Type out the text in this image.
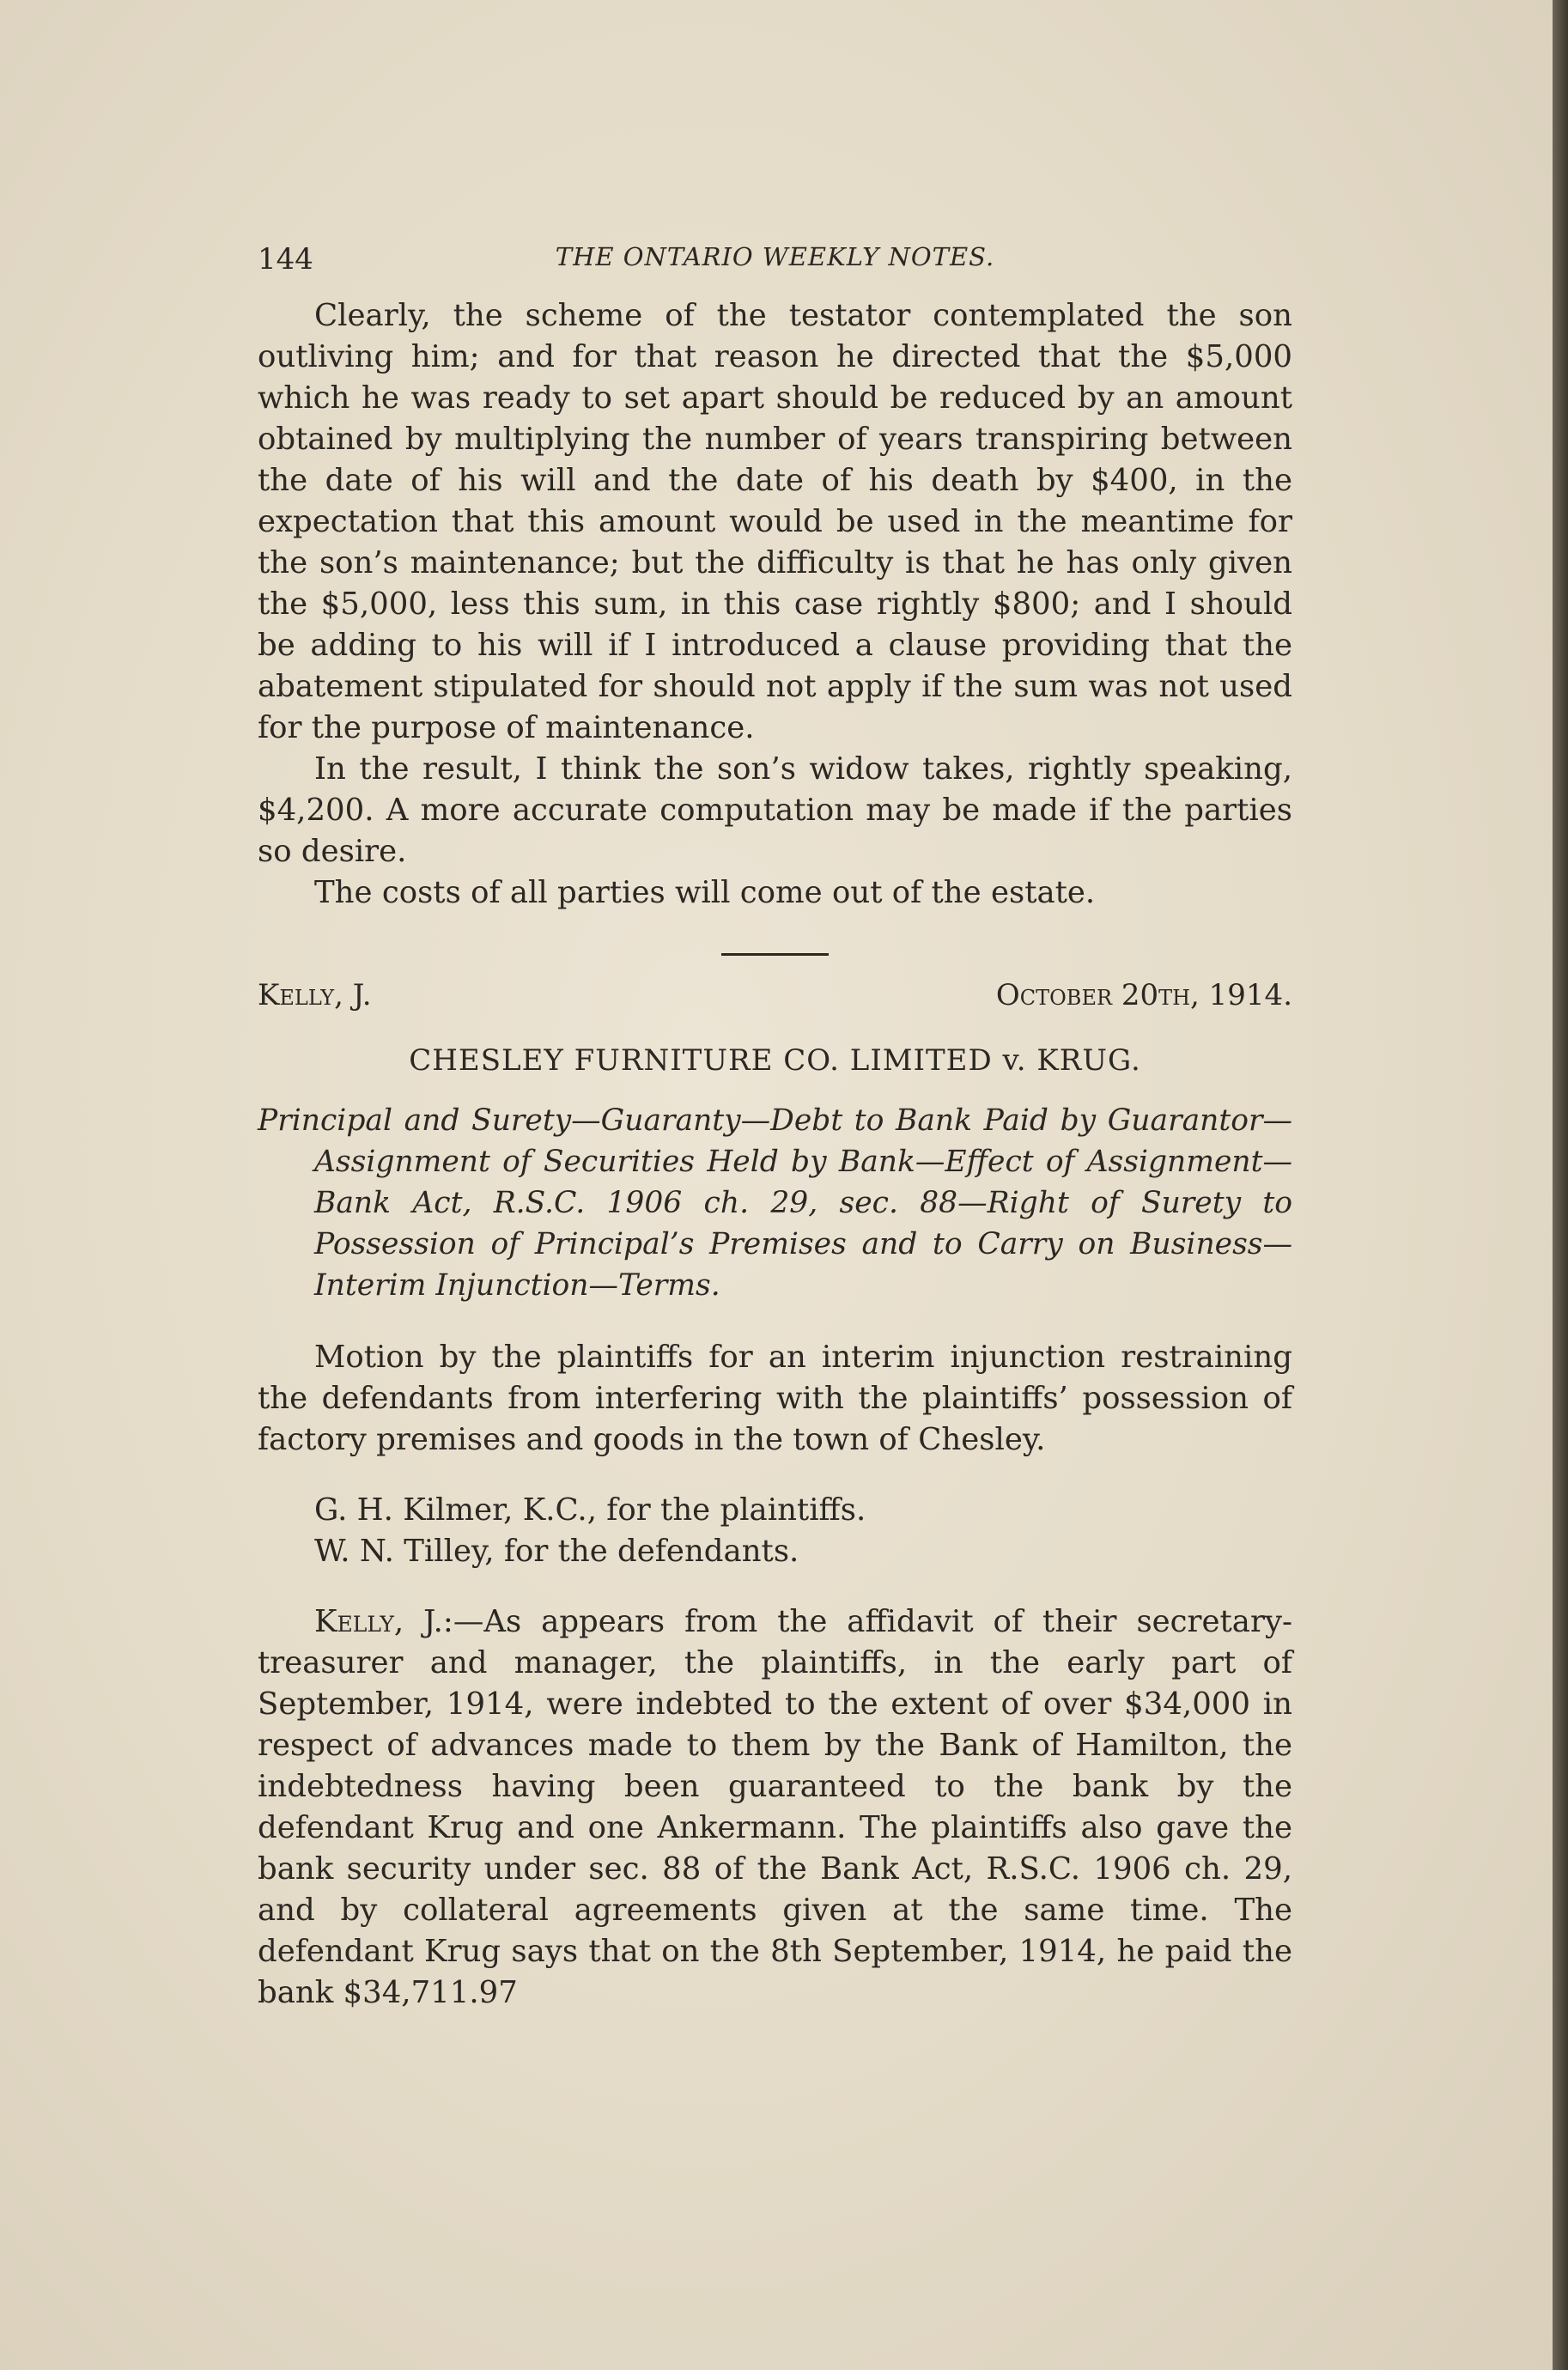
144	THE ONTARIO WEEKLY NOTES.

Clearly, the scheme of the testator contemplated the son outliving him; and for that reason he directed that the $5,000 which he was ready to set apart should be reduced by an amount obtained by multiplying the number of years transpiring between the date of his will and the date of his death by $400, in the expectation that this amount would be used in the meantime for the son’s maintenance; but the difficulty is that he has only given the $5,000, less this sum, in this case rightly $800; and I should be adding to his will if I introduced a clause providing that the abatement stipulated for should not apply if the sum was not used for the purpose of maintenance.

In the result, I think the son’s widow takes, rightly speaking, $4,200. A more accurate computation may be made if the parties so desire.

The costs of all parties will come out of the estate.

Kelly, J.	October 20th, 1914.
CHESLEY FURNITURE CO. LIMITED v. KRUG.
Principal and Surety—Guaranty—Debt to Bank Paid by Guarantor—Assignment of Securities Held by Bank—Effect of Assignment—Bank Act, R.S.C. 1906 ch. 29, sec. 88—Right of Surety to Possession of Principal’s Premises and to Carry on Business—Interim Injunction—Terms.

Motion by the plaintiffs for an interim injunction restraining the defendants from interfering with the plaintiffs’ possession of factory premises and goods in the town of Chesley.

G. H. Kilmer, K.C., for the plaintiffs.

W. N. Tilley, for the defendants.

Kelly, J.:—As appears from the affidavit of their secretary-treasurer and manager, the plaintiffs, in the early part of September, 1914, were indebted to the extent of over $34,000 in respect of advances made to them by the Bank of Hamilton, the indebtedness having been guaranteed to the bank by the defendant Krug and one Ankermann. The plaintiffs also gave the bank security under sec. 88 of the Bank Act, R.S.C. 1906 ch. 29, and by collateral agreements given at the same time. The defendant Krug says that on the 8th September, 1914, he paid the bank $34,711.97
